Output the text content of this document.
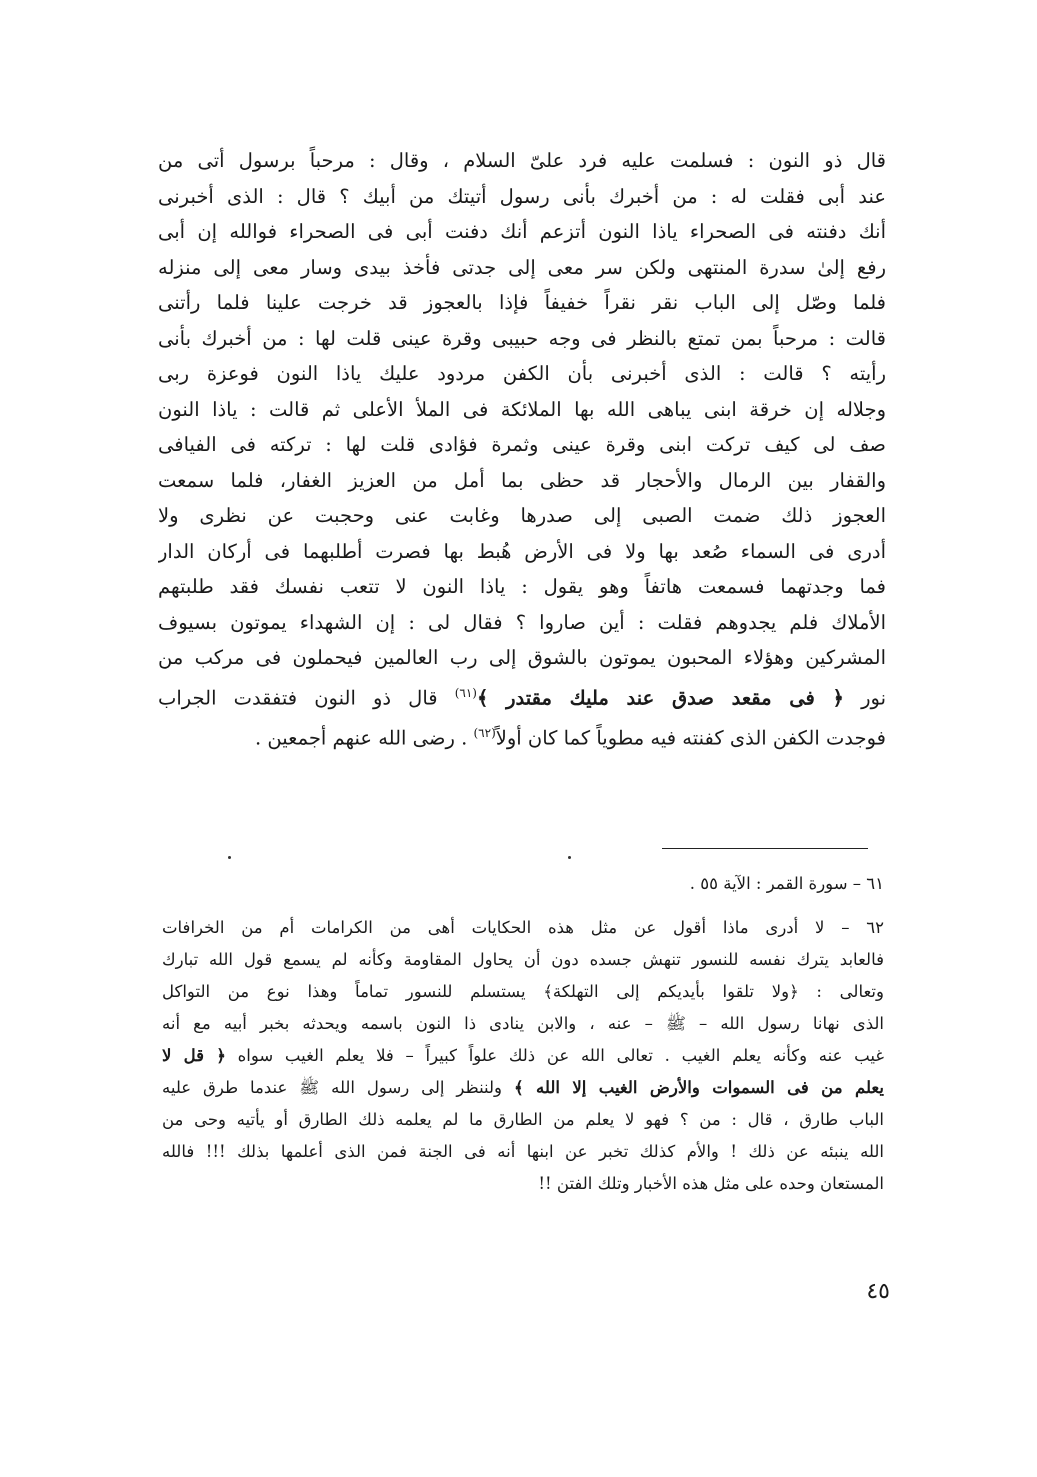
قال ذو النون : فسلمت عليه فرد علىّ السلام ، وقال : مرحباً برسول أتى من
عند أبى فقلت له : من أخبرك بأنى رسول أتيتك من أبيك ؟ قال : الذى أخبرنى
أنك دفنته فى الصحراء ياذا النون أتزعم أنك دفنت أبى فى الصحراء فوالله إن أبى
رفع إلىٰ سدرة المنتهى ولكن سر معى إلى جدتى فأخذ بيدى وسار معى إلى منزله
فلما وصّل إلى الباب نقر نقراً خفيفاً فإذا بالعجوز قد خرجت علينا فلما رأتنى
قالت : مرحباً بمن تمتع بالنظر فى وجه حبيبى وقرة عينى قلت لها : من أخبرك بأنى
رأيته ؟ قالت : الذى أخبرنى بأن الكفن مردود عليك ياذا النون فوعزة ربى
وجلاله إن خرقة ابنى يباهى الله بها الملائكة فى الملأ الأعلى ثم قالت : ياذا النون
صف لى كيف تركت ابنى وقرة عينى وثمرة فؤادى قلت لها : تركته فى الفيافى
والقفار بين الرمال والأحجار قد حظى بما أمل من العزيز الغفار، فلما سمعت
العجوز ذلك ضمت الصبى إلى صدرها وغابت عنى وحجبت عن نظرى ولا
أدرى فى السماء صُعد بها ولا فى الأرض هُبط بها فصرت أطلبهما فى أركان الدار
فما وجدتهما فسمعت هاتفاً وهو يقول : ياذا النون لا تتعب نفسك فقد طلبتهم
الأملاك فلم يجدوهم فقلت : أين صاروا ؟ فقال لى : إن الشهداء يموتون بسيوف
المشركين وهؤلاء المحبون يموتون بالشوق إلى رب العالمين فيحملون فى مركب من
نور ﴿ فى مقعد صدق عند مليك مقتدر ﴾$^{(٦١)}$ قال ذو النون فتفقدت الجراب
فوجدت الكفن الذى كفنته فيه مطوياً كما كان أولاً$^{(٦٢)}$ . رضى الله عنهم أجمعين .
٦١ – سورة القمر : الآية ٥٥ .
٦٢ – لا أدرى ماذا أقول عن مثل هذه الحكايات أهى من الكرامات أم من الخرافات
فالعابد يترك نفسه للنسور تنهش جسده دون أن يحاول المقاومة وكأنه لم يسمع قول الله تبارك
وتعالى : ﴿ولا تلقوا بأيديكم إلى التهلكة﴾ يستسلم للنسور تماماً وهذا نوع من التواكل
الذى نهانا رسول الله – ﷺ – عنه ، والابن ينادى ذا النون باسمه ويحدثه بخبر أبيه مع أنه
غيب عنه وكأنه يعلم الغيب . تعالى الله عن ذلك علواً كبيراً – فلا يعلم الغيب سواه ﴿ قل لا
يعلم من فى السموات والأرض الغيب إلا الله ﴾ ولننظر إلى رسول الله ﷺ عندما طرق عليه
الباب طارق ، قال : من ؟ فهو لا يعلم من الطارق ما لم يعلمه ذلك الطارق أو يأتيه وحى من
الله ينبئه عن ذلك ! والأم كذلك تخبر عن ابنها أنه فى الجنة فمن الذى أعلمها بذلك !!! فالله
المستعان وحده على مثل هذه الأخبار وتلك الفتن !!
٤٥
